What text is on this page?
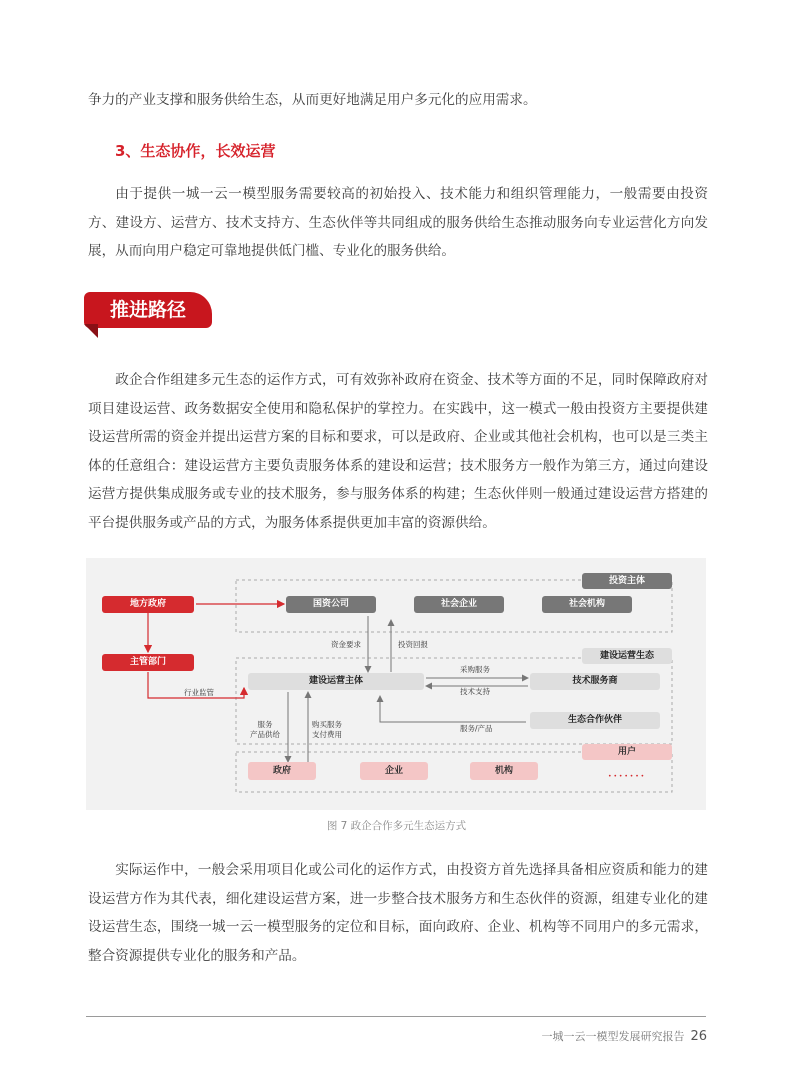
争力的产业支撑和服务供给生态，从而更好地满足用户多元化的应用需求。

3、生态协作，长效运营

由于提供一城一云一模型服务需要较高的初始投入、技术能力和组织管理能力，一般需要由投资方、建设方、运营方、技术支持方、生态伙伴等共同组成的服务供给生态推动服务向专业运营化方向发展，从而向用户稳定可靠地提供低门槛、专业化的服务供给。

推进路径

政企合作组建多元生态的运作方式，可有效弥补政府在资金、技术等方面的不足，同时保障政府对项目建设运营、政务数据安全使用和隐私保护的掌控力。在实践中，这一模式一般由投资方主要提供建设运营所需的资金并提出运营方案的目标和要求，可以是政府、企业或其他社会机构，也可以是三类主体的任意组合：建设运营方主要负责服务体系的建设和运营；技术服务方一般作为第三方，通过向建设运营方提供集成服务或专业的技术服务，参与服务体系的构建；生态伙伴则一般通过建设运营方搭建的平台提供服务或产品的方式，为服务体系提供更加丰富的资源供给。

地方政府
主管部门
投资主体
国资公司	社会企业	社会机构
资金要求	投资回报
建设运营生态
建设运营主体
采购服务
技术支持
技术服务商
行业监管
服务/产品
生态合作伙伴
服务
产品供给
购买服务
支付费用
用户
政府	企业	机构
• • • • • • •
图 7 政企合作多元生态运方式

实际运作中，一般会采用项目化或公司化的运作方式，由投资方首先选择具备相应资质和能力的建设运营方作为其代表，细化建设运营方案，进一步整合技术服务方和生态伙伴的资源，组建专业化的建设运营生态，围绕一城一云一模型服务的定位和目标，面向政府、企业、机构等不同用户的多元需求，整合资源提供专业化的服务和产品。

一城一云一模型发展研究报告 26
